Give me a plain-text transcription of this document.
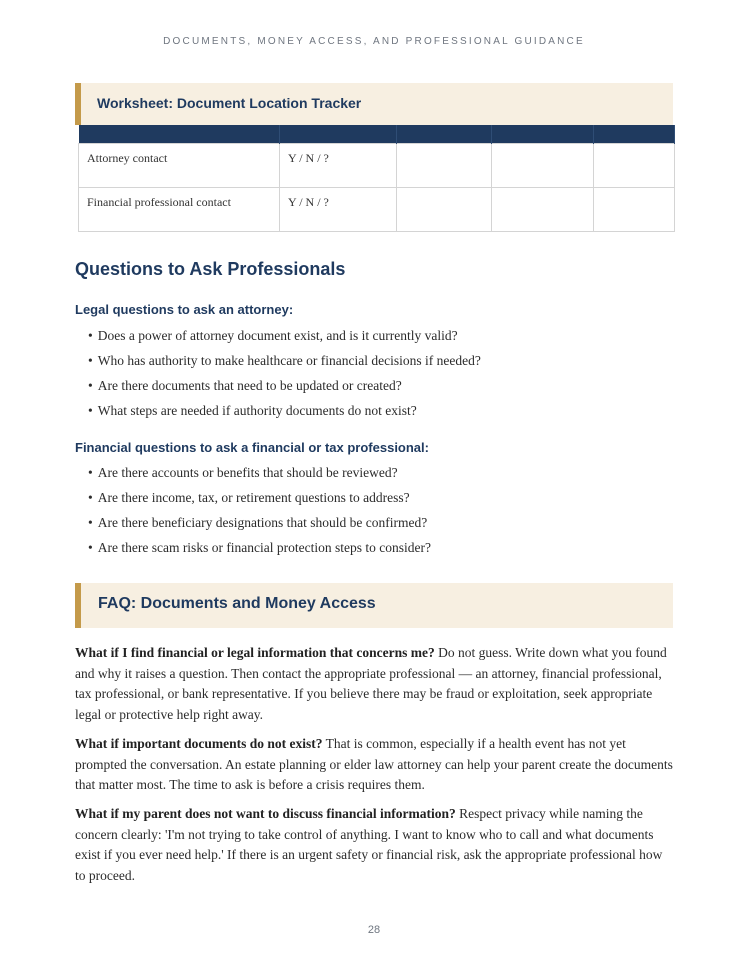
DOCUMENTS, MONEY ACCESS, AND PROFESSIONAL GUIDANCE
Worksheet: Document Location Tracker

Attorney contact	Y / N / ?			
Financial professional contact	Y / N / ?			
Questions to Ask Professionals
Legal questions to ask an attorney:
• Does a power of attorney document exist, and is it currently valid?
• Who has authority to make healthcare or financial decisions if needed?
• Are there documents that need to be updated or created?
• What steps are needed if authority documents do not exist?
Financial questions to ask a financial or tax professional:
• Are there accounts or benefits that should be reviewed?
• Are there income, tax, or retirement questions to address?
• Are there beneficiary designations that should be confirmed?
• Are there scam risks or financial protection steps to consider?
FAQ: Documents and Money Access

What if I find financial or legal information that concerns me? Do not guess. Write down what you found and why it raises a question. Then contact the appropriate professional — an attorney, financial professional, tax professional, or bank representative. If you believe there may be fraud or exploitation, seek appropriate legal or protective help right away.

What if important documents do not exist? That is common, especially if a health event has not yet prompted the conversation. An estate planning or elder law attorney can help your parent create the documents that matter most. The time to ask is before a crisis requires them.

What if my parent does not want to discuss financial information? Respect privacy while naming the concern clearly: 'I'm not trying to take control of anything. I want to know who to call and what documents exist if you ever need help.' If there is an urgent safety or financial risk, ask the appropriate professional how to proceed.

28
